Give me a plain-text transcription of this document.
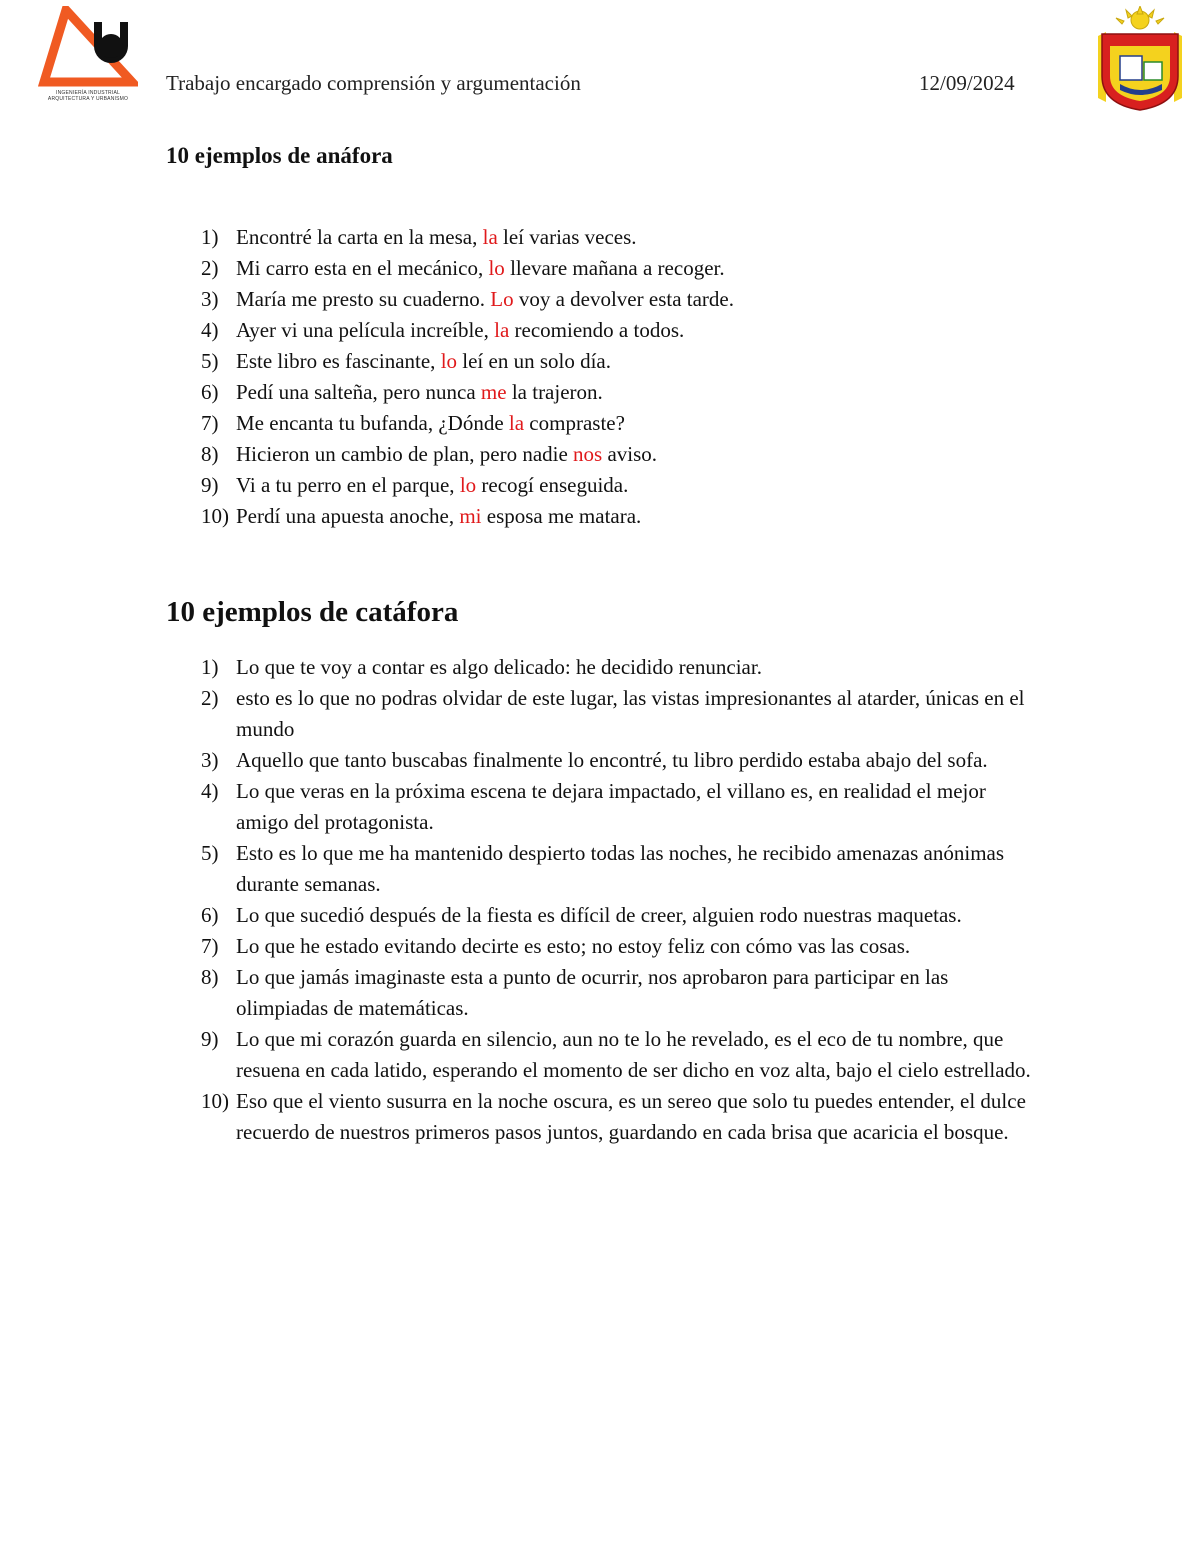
INGENIERÍA INDUSTRIAL
ARQUITECTURA Y URBANISMO
Trabajo encargado comprensión y argumentación	12/09/2024
10 ejemplos de anáfora
1) Encontré la carta en la mesa, la leí varias veces.
2) Mi carro esta en el mecánico, lo llevare mañana a recoger.
3) María me presto su cuaderno. Lo voy a devolver esta tarde.
4) Ayer vi una película increíble, la recomiendo a todos.
5) Este libro es fascinante, lo leí en un solo día.
6) Pedí una salteña, pero nunca me la trajeron.
7) Me encanta tu bufanda, ¿Dónde la compraste?
8) Hicieron un cambio de plan, pero nadie nos aviso.
9) Vi a tu perro en el parque, lo recogí enseguida.
10) Perdí una apuesta anoche, mi esposa me matara.
10 ejemplos de catáfora
1) Lo que te voy a contar es algo delicado: he decidido renunciar.
2) esto es lo que no podras olvidar de este lugar, las vistas impresionantes al atarder, únicas en el mundo
3) Aquello que tanto buscabas finalmente lo encontré, tu libro perdido estaba abajo del sofa.
4) Lo que veras en la próxima escena te dejara impactado, el villano es, en realidad el mejor amigo del protagonista.
5) Esto es lo que me ha mantenido despierto todas las noches, he recibido amenazas anónimas durante semanas.
6) Lo que sucedió después de la fiesta es difícil de creer, alguien rodo nuestras maquetas.
7) Lo que he estado evitando decirte es esto; no estoy feliz con cómo vas las cosas.
8) Lo que jamás imaginaste esta a punto de ocurrir, nos aprobaron para participar en las olimpiadas de matemáticas.
9) Lo que mi corazón guarda en silencio, aun no te lo he revelado, es el eco de tu nombre, que resuena en cada latido, esperando el momento de ser dicho en voz alta, bajo el cielo estrellado.
10) Eso que el viento susurra en la noche oscura, es un sereo que solo tu puedes entender, el dulce recuerdo de nuestros primeros pasos juntos, guardando en cada brisa que acaricia el bosque.
